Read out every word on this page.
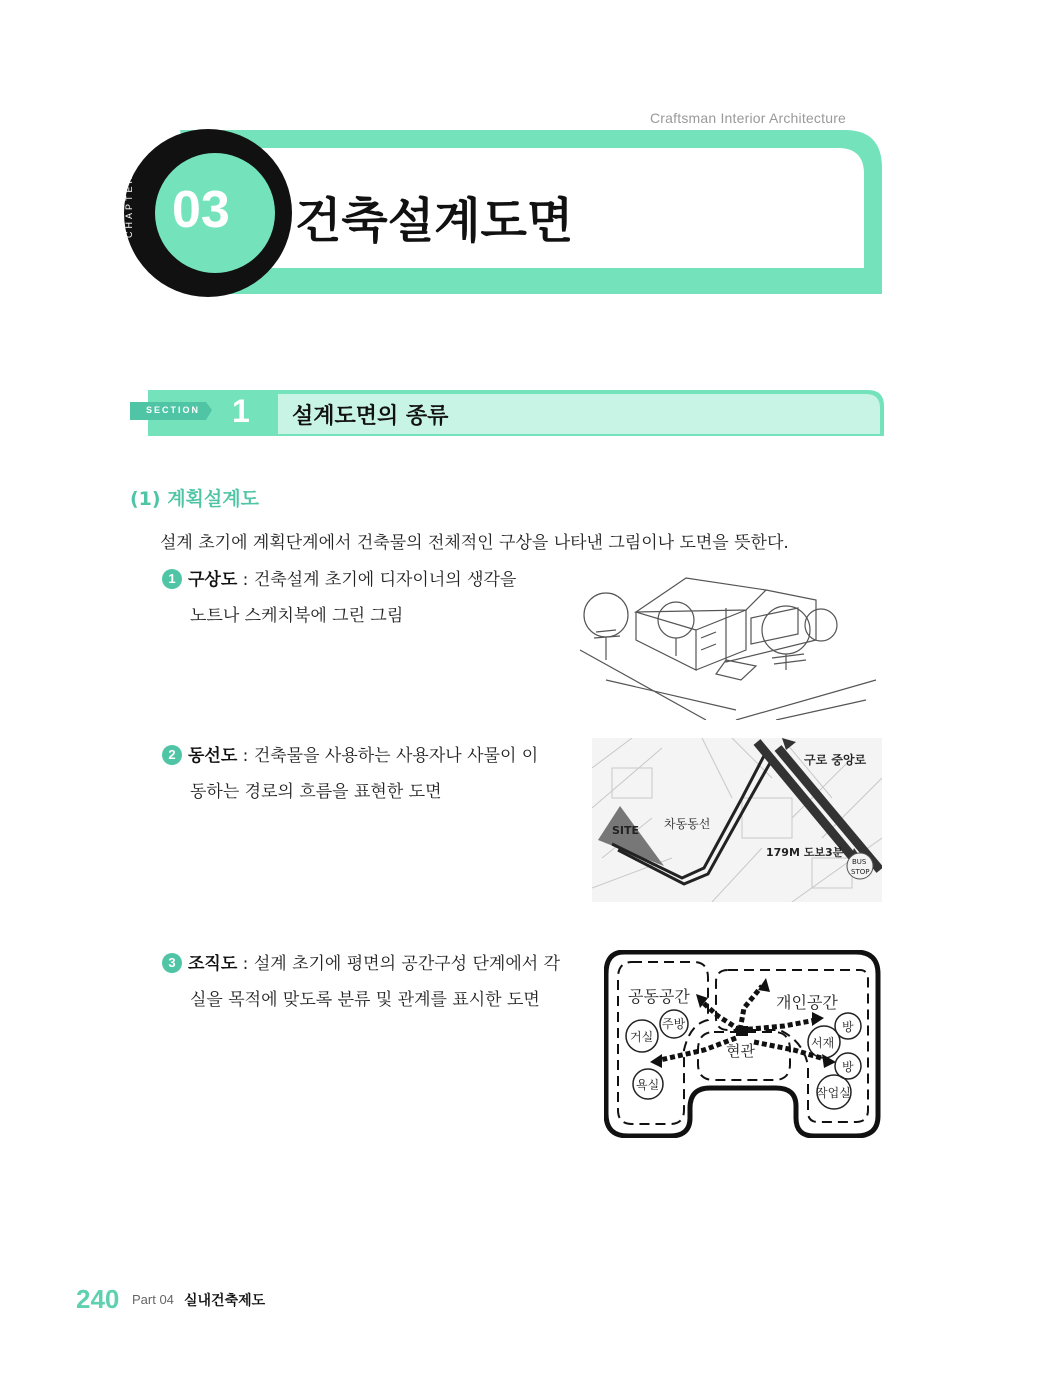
Craftsman Interior Architecture
CHAPTER 03 건축설계도면
SECTION 1 설계도면의 종류
(1) 계획설계도
설계 초기에 계획단계에서 건축물의 전체적인 구상을 나타낸 그림이나 도면을 뜻한다.
1 구상도 : 건축설계 초기에 디자이너의 생각을
노트나 스케치북에 그린 그림
2 동선도 : 건축물을 사용하는 사용자나 사물이 이
동하는 경로의 흐름을 표현한 도면
3 조직도 : 설계 초기에 평면의 공간구성 단계에서 각
실을 목적에 맞도록 분류 및 관계를 표시한 도면
SITE 차동동선
구로 중앙로
179M 도보3분
BUS
STOP
공동공간	개인공간
거실
주방
욕실
현관	서재
방
방
작업실
240 Part 04 실내건축제도
